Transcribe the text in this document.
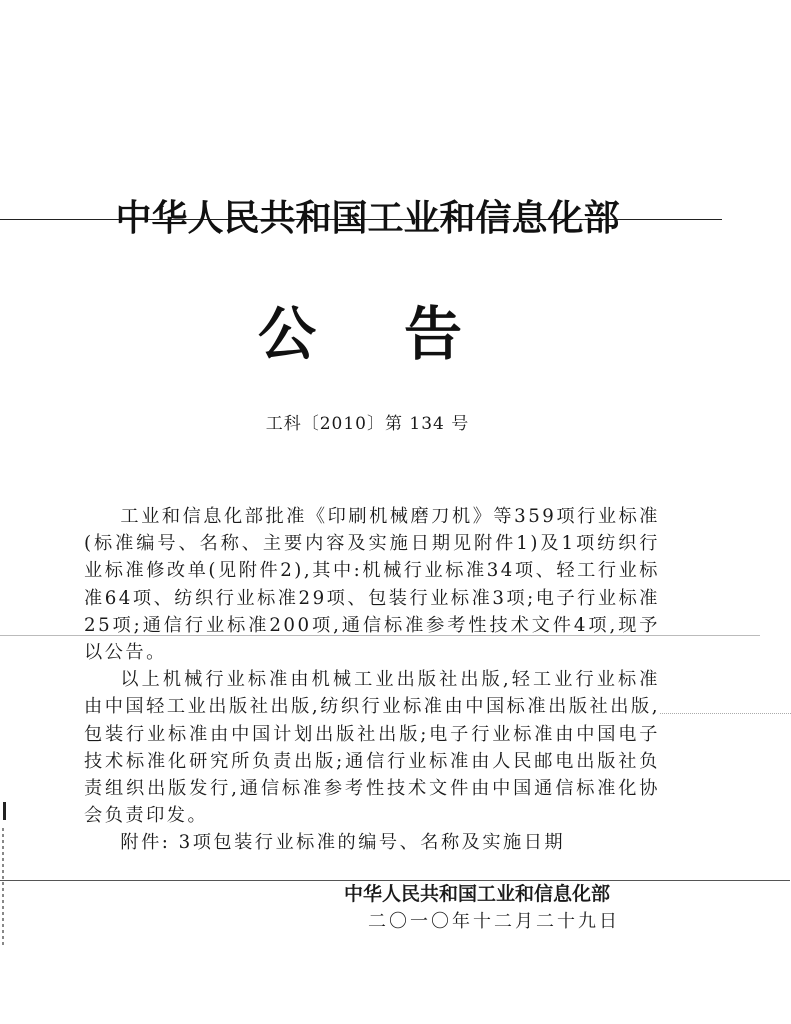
中华人民共和国工业和信息化部
公告
工科〔2010〕第 134 号

工业和信息化部批准《印刷机械磨刀机》等359项行业标准(标准编号、名称、主要内容及实施日期见附件1)及1项纺织行业标准修改单(见附件2),其中:机械行业标准34项、轻工行业标准64项、纺织行业标准29项、包装行业标准3项;电子行业标准25项;通信行业标准200项,通信标准参考性技术文件4项,现予以公告。

以上机械行业标准由机械工业出版社出版,轻工业行业标准由中国轻工业出版社出版,纺织行业标准由中国标准出版社出版,包装行业标准由中国计划出版社出版;电子行业标准由中国电子技术标准化研究所负责出版;通信行业标准由人民邮电出版社负责组织出版发行,通信标准参考性技术文件由中国通信标准化协会负责印发。

附件: 3项包装行业标准的编号、名称及实施日期

中华人民共和国工业和信息化部
二〇一〇年十二月二十九日
